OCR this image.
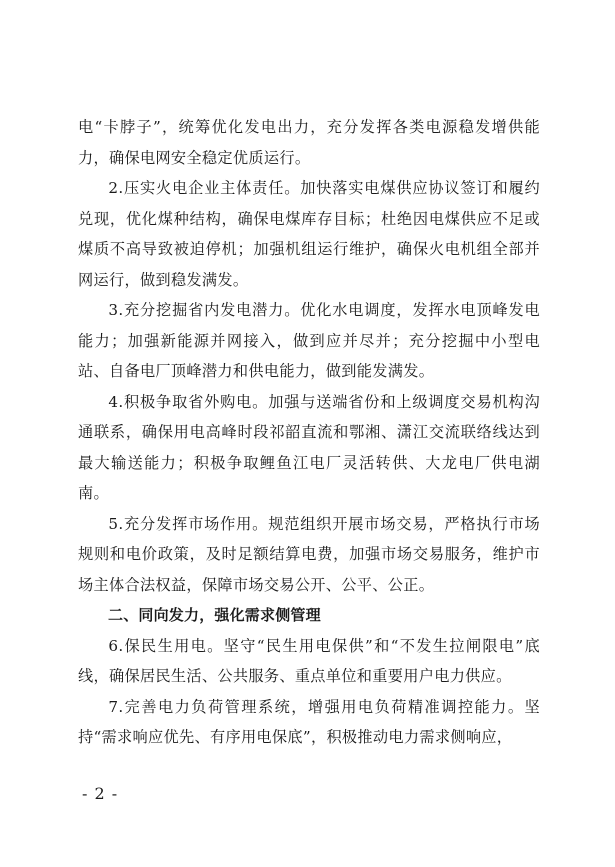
电“卡脖子”，统筹优化发电出力，充分发挥各类电源稳发增供能力，确保电网安全稳定优质运行。

2.压实火电企业主体责任。加快落实电煤供应协议签订和履约兑现，优化煤种结构，确保电煤库存目标；杜绝因电煤供应不足或煤质不高导致被迫停机；加强机组运行维护，确保火电机组全部并网运行，做到稳发满发。

3.充分挖掘省内发电潜力。优化水电调度，发挥水电顶峰发电能力；加强新能源并网接入，做到应并尽并；充分挖掘中小型电站、自备电厂顶峰潜力和供电能力，做到能发满发。

4.积极争取省外购电。加强与送端省份和上级调度交易机构沟通联系，确保用电高峰时段祁韶直流和鄂湘、潇江交流联络线达到最大输送能力；积极争取鲤鱼江电厂灵活转供、大龙电厂供电湖南。

5.充分发挥市场作用。规范组织开展市场交易，严格执行市场规则和电价政策，及时足额结算电费，加强市场交易服务，维护市场主体合法权益，保障市场交易公开、公平、公正。

二、同向发力，强化需求侧管理

6.保民生用电。坚守“民生用电保供”和“不发生拉闸限电”底线，确保居民生活、公共服务、重点单位和重要用户电力供应。

7.完善电力负荷管理系统，增强用电负荷精准调控能力。坚持“需求响应优先、有序用电保底”，积极推动电力需求侧响应，

- 2 -
